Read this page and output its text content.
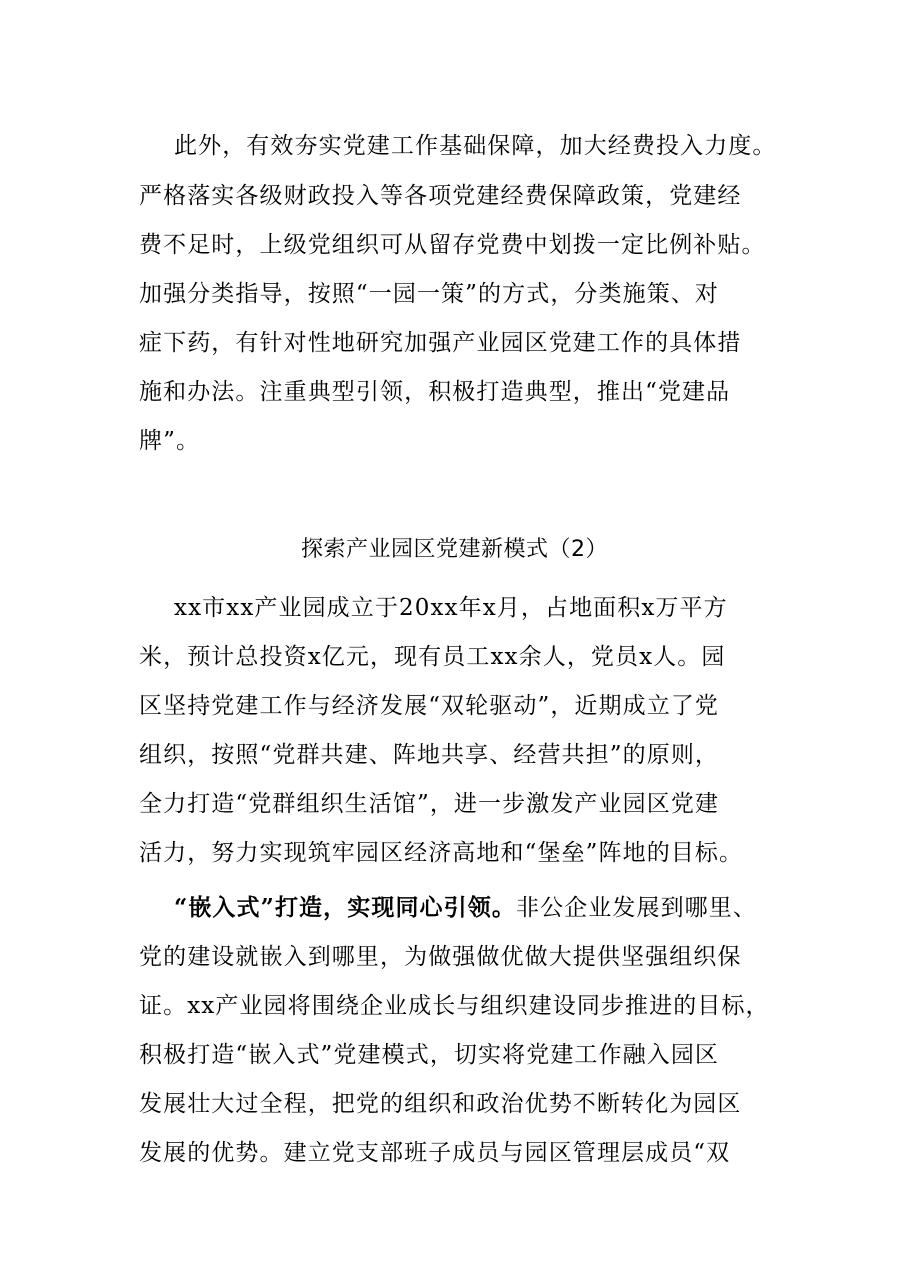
此外，有效夯实党建工作基础保障，加大经费投入力度。
严格落实各级财政投入等各项党建经费保障政策，党建经
费不足时，上级党组织可从留存党费中划拨一定比例补贴。
加强分类指导，按照“一园一策”的方式，分类施策、对
症下药，有针对性地研究加强产业园区党建工作的具体措
施和办法。注重典型引领，积极打造典型，推出“党建品
牌”。
探索产业园区党建新模式（2）
xx市xx产业园成立于20xx年x月，占地面积x万平方
米，预计总投资x亿元，现有员工xx余人，党员x人。园
区坚持党建工作与经济发展“双轮驱动”，近期成立了党
组织，按照“党群共建、阵地共享、经营共担”的原则，
全力打造“党群组织生活馆”，进一步激发产业园区党建
活力，努力实现筑牢园区经济高地和“堡垒”阵地的目标。
“嵌入式”打造，实现同心引领。非公企业发展到哪里、
党的建设就嵌入到哪里，为做强做优做大提供坚强组织保
证。xx产业园将围绕企业成长与组织建设同步推进的目标，
积极打造“嵌入式”党建模式，切实将党建工作融入园区
发展壮大过全程，把党的组织和政治优势不断转化为园区
发展的优势。建立党支部班子成员与园区管理层成员“双
